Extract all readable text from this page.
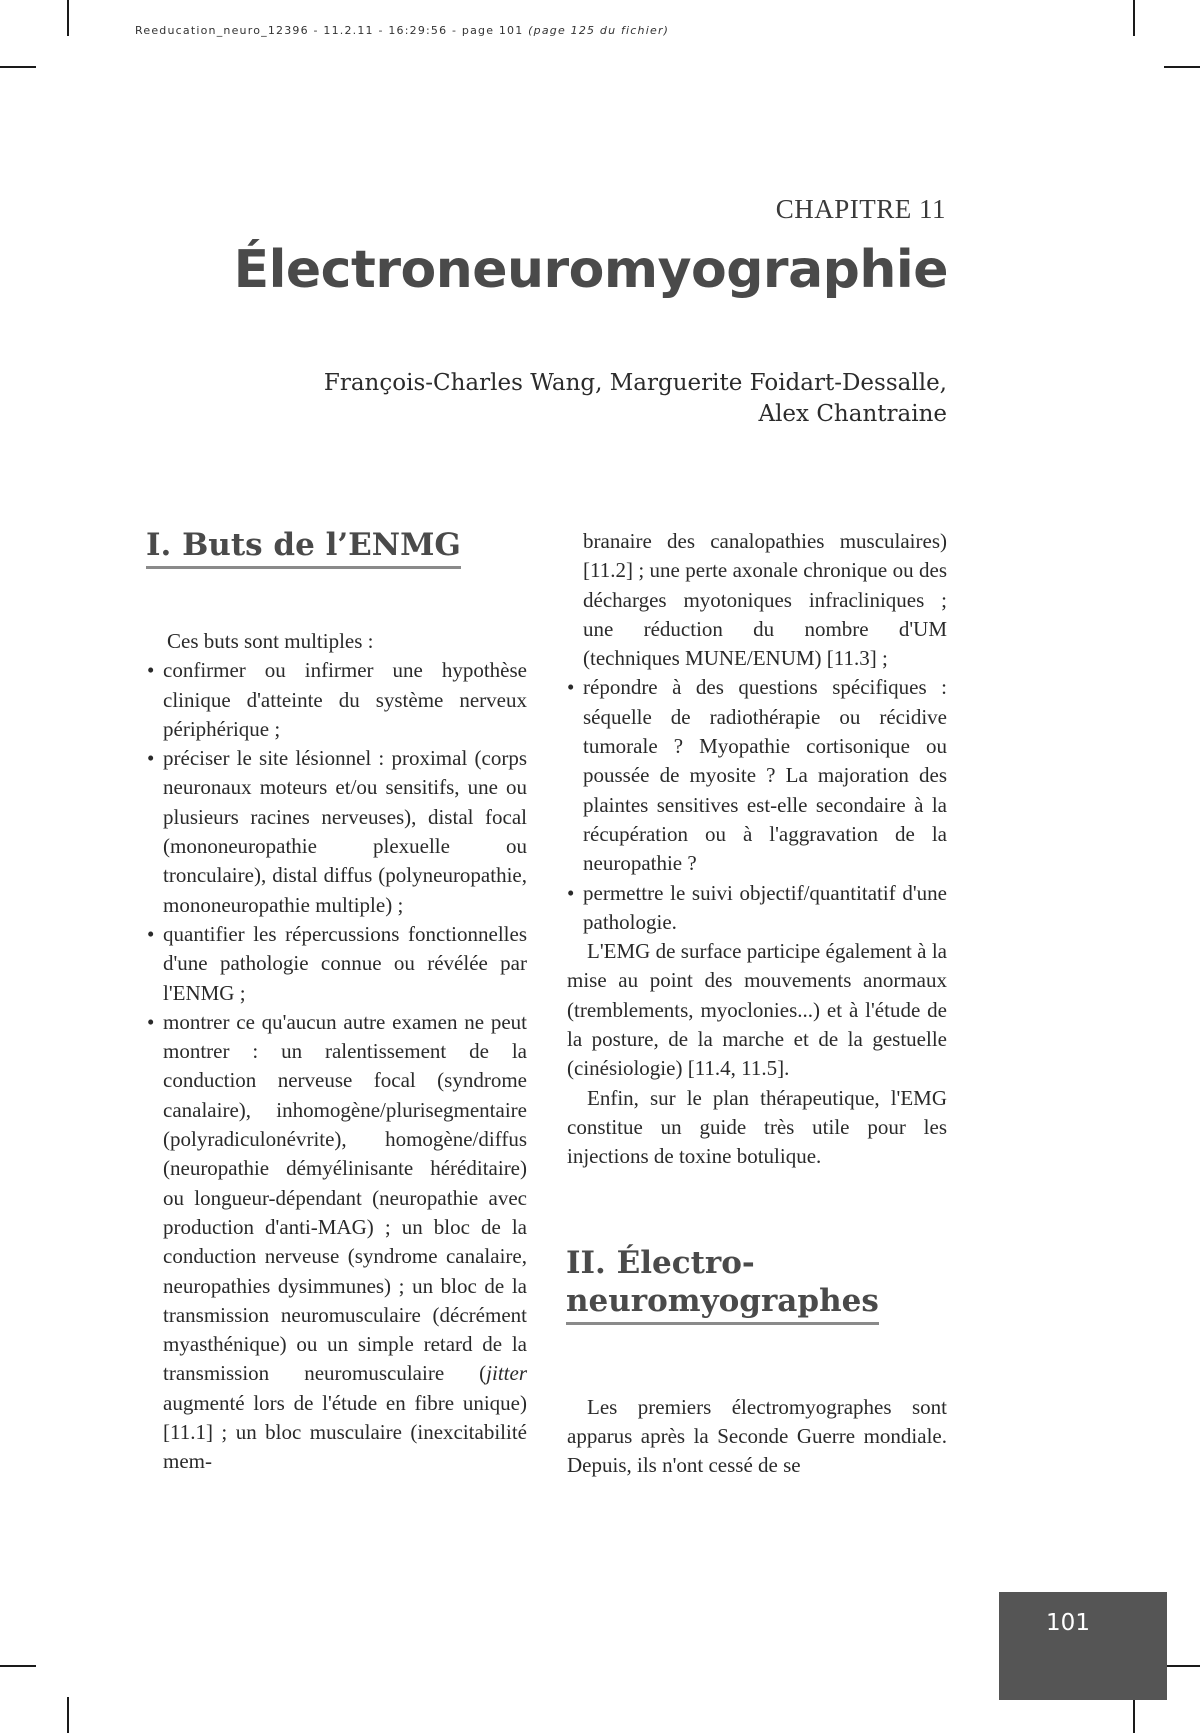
Reeducation_neuro_12396 - 11.2.11 - 16:29:56 - page 101 (page 125 du fichier)
CHAPITRE 11
Électroneuromyographie
François-Charles Wang, Marguerite Foidart-Dessalle,
Alex Chantraine
I. Buts de l’ENMG

Ces buts sont multiples :

• confirmer ou infirmer une hypothèse clinique d'atteinte du système nerveux périphérique ;
• préciser le site lésionnel : proximal (corps neuronaux moteurs et/ou sensitifs, une ou plusieurs racines nerveuses), distal focal (mononeuropathie plexuelle ou tronculaire), distal diffus (polyneuropathie, mononeuropathie multiple) ;
• quantifier les répercussions fonctionnelles d'une pathologie connue ou révélée par l'ENMG ;
• montrer ce qu'aucun autre examen ne peut montrer : un ralentissement de la conduction nerveuse focal (syndrome canalaire), inhomogène/plurisegmentaire (polyradiculonévrite), homogène/diffus (neuropathie démyélinisante héréditaire) ou longueur-dépendant (neuropathie avec production d'anti-MAG) ; un bloc de la conduction nerveuse (syndrome canalaire, neuropathies dysimmunes) ; un bloc de la transmission neuromusculaire (décrément myasthénique) ou un simple retard de la transmission neuromusculaire (jitter augmenté lors de l'étude en fibre unique) [11.1] ; un bloc musculaire (inexcitabilité mem-

branaire des canalopathies musculaires) [11.2] ; une perte axonale chronique ou des décharges myotoniques infracliniques ; une réduction du nombre d'UM (techniques MUNE/ENUM) [11.3] ;

• répondre à des questions spécifiques : séquelle de radiothérapie ou récidive tumorale ? Myopathie cortisonique ou poussée de myosite ? La majoration des plaintes sensitives est-elle secondaire à la récupération ou à l'aggravation de la neuropathie ?
• permettre le suivi objectif/quantitatif d'une pathologie.

L'EMG de surface participe également à la mise au point des mouvements anormaux (tremblements, myoclonies...) et à l'étude de la posture, de la marche et de la gestuelle (cinésiologie) [11.4, 11.5].

Enfin, sur le plan thérapeutique, l'EMG constitue un guide très utile pour les injections de toxine botulique.

II. Électro-
neuromyographes

Les premiers électromyographes sont apparus après la Seconde Guerre mondiale. Depuis, ils n'ont cessé de se

101
